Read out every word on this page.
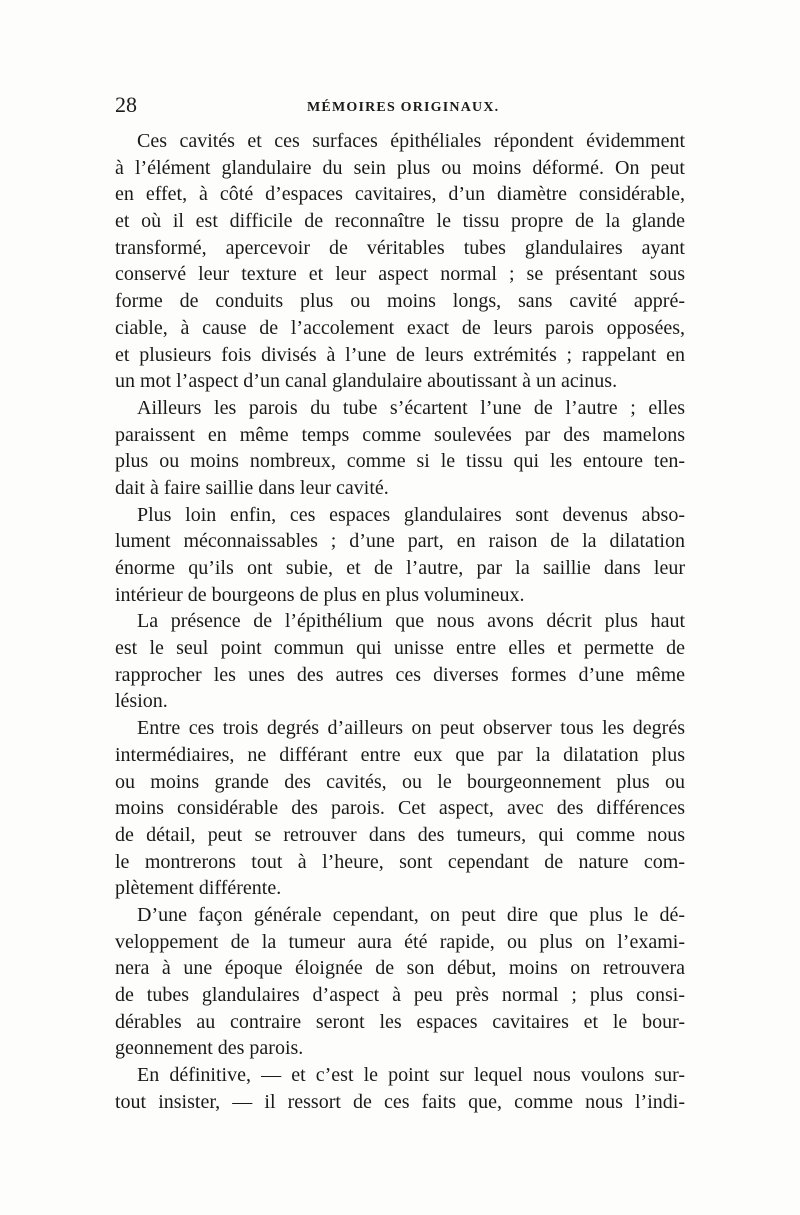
28	MÉMOIRES ORIGINAUX.
Ces cavités et ces surfaces épithéliales répondent évidemment
à l’élément glandulaire du sein plus ou moins déformé. On peut
en effet, à côté d’espaces cavitaires, d’un diamètre considérable,
et où il est difficile de reconnaître le tissu propre de la glande
transformé, apercevoir de véritables tubes glandulaires ayant
conservé leur texture et leur aspect normal ; se présentant sous
forme de conduits plus ou moins longs, sans cavité appré-
ciable, à cause de l’accolement exact de leurs parois opposées,
et plusieurs fois divisés à l’une de leurs extrémités ; rappelant en
un mot l’aspect d’un canal glandulaire aboutissant à un acinus.
Ailleurs les parois du tube s’écartent l’une de l’autre ; elles
paraissent en même temps comme soulevées par des mamelons
plus ou moins nombreux, comme si le tissu qui les entoure ten-
dait à faire saillie dans leur cavité.
Plus loin enfin, ces espaces glandulaires sont devenus abso-
lument méconnaissables ; d’une part, en raison de la dilatation
énorme qu’ils ont subie, et de l’autre, par la saillie dans leur
intérieur de bourgeons de plus en plus volumineux.
La présence de l’épithélium que nous avons décrit plus haut
est le seul point commun qui unisse entre elles et permette de
rapprocher les unes des autres ces diverses formes d’une même
lésion.
Entre ces trois degrés d’ailleurs on peut observer tous les degrés
intermédiaires, ne différant entre eux que par la dilatation plus
ou moins grande des cavités, ou le bourgeonnement plus ou
moins considérable des parois. Cet aspect, avec des différences
de détail, peut se retrouver dans des tumeurs, qui comme nous
le montrerons tout à l’heure, sont cependant de nature com-
plètement différente.
D’une façon générale cependant, on peut dire que plus le dé-
veloppement de la tumeur aura été rapide, ou plus on l’exami-
nera à une époque éloignée de son début, moins on retrouvera
de tubes glandulaires d’aspect à peu près normal ; plus consi-
dérables au contraire seront les espaces cavitaires et le bour-
geonnement des parois.
En définitive, — et c’est le point sur lequel nous voulons sur-
tout insister, — il ressort de ces faits que, comme nous l’indi-
